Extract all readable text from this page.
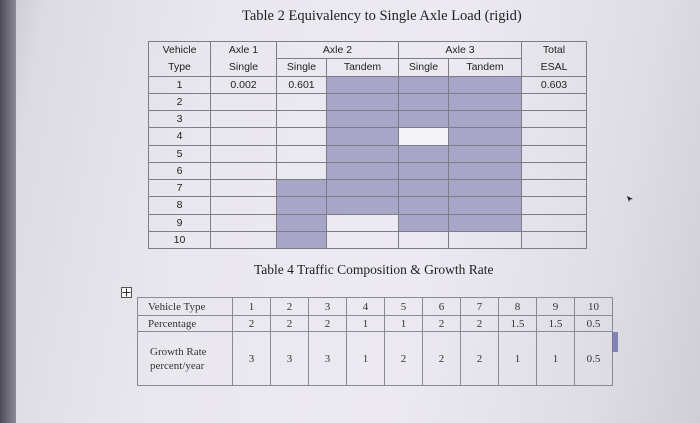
Table 2 Equivalency to Single Axle Load (rigid)
Vehicle	Axle 1	Axle 2		Axle 3		Total
Type	Single	Single	Tandem	Single	Tandem	ESAL
1	0.002	0.601				0.603
2						
3						
4						
5						
6						
7						
8						
9						
10						
Table 4 Traffic Composition & Growth Rate
Vehicle Type	1	2	3	4	5	6	7	8	9	10
Percentage	2	2	2	1	1	2	2	1.5	1.5	0.5
Growth Rate percent/year	3	3	3	1	2	2	2	1	1	0.5
